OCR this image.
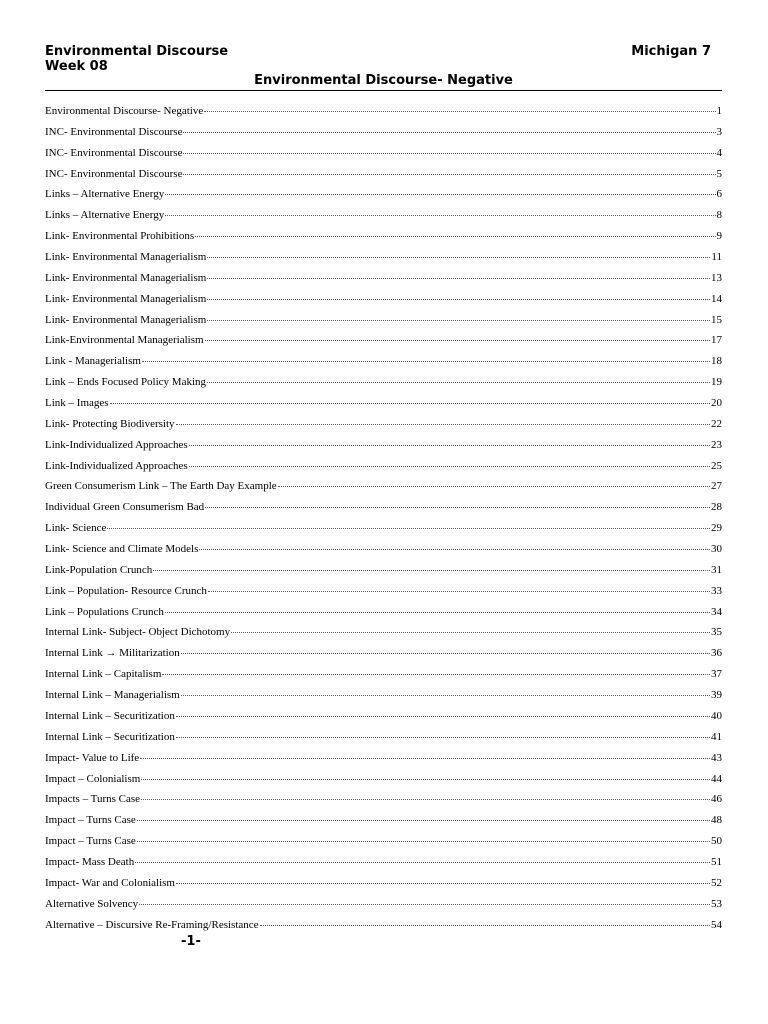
Environmental Discourse
Week 08
Michigan 7
Environmental Discourse- Negative
Environmental Discourse- Negative	1
INC- Environmental Discourse	3
INC- Environmental Discourse	4
INC- Environmental Discourse	5
Links – Alternative Energy	6
Links – Alternative Energy	8
Link- Environmental Prohibitions	9
Link- Environmental Managerialism	11
Link- Environmental Managerialism	13
Link- Environmental Managerialism	14
Link- Environmental Managerialism	15
Link-Environmental Managerialism	17
Link - Managerialism	18
Link – Ends Focused Policy Making	19
Link – Images	20
Link- Protecting Biodiversity	22
Link-Individualized Approaches	23
Link-Individualized Approaches	25
Green Consumerism Link – The Earth Day Example	27
Individual Green Consumerism Bad	28
Link- Science	29
Link- Science and Climate Models	30
Link-Population Crunch	31
Link – Population- Resource Crunch	33
Link – Populations Crunch	34
Internal Link- Subject- Object Dichotomy	35
Internal Link → Militarization	36
Internal Link – Capitalism	37
Internal Link – Managerialism	39
Internal Link – Securitization	40
Internal Link – Securitization	41
Impact- Value to Life	43
Impact – Colonialism	44
Impacts – Turns Case	46
Impact – Turns Case	48
Impact – Turns Case	50
Impact- Mass Death	51
Impact- War and Colonialism	52
Alternative Solvency	53
Alternative – Discursive Re-Framing/Resistance	54
-1-
